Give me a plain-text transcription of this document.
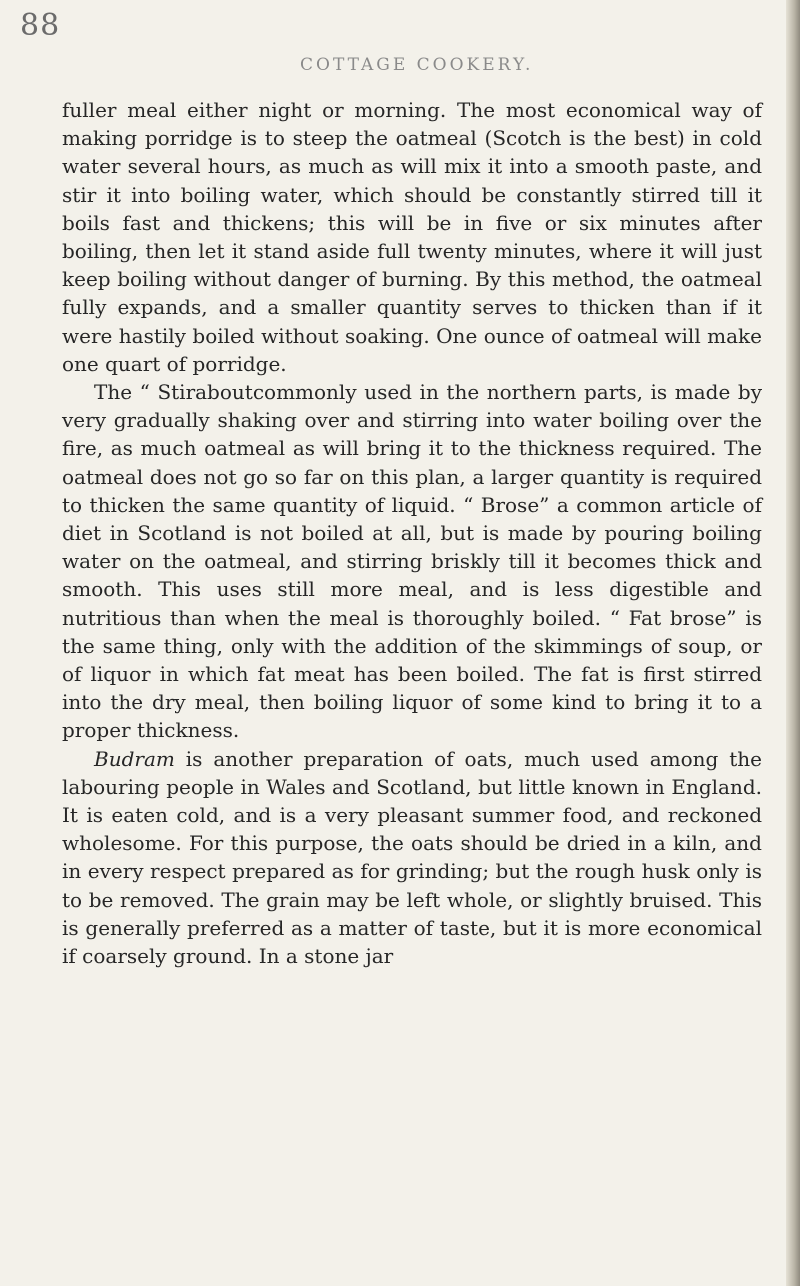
88
COTTAGE COOKERY.

fuller meal either night or morning. The most economical way of making porridge is to steep the oatmeal (Scotch is the best) in cold water several hours, as much as will mix it into a smooth paste, and stir it into boiling water, which should be constantly stirred till it boils fast and thickens; this will be in five or six minutes after boiling, then let it stand aside full twenty minutes, where it will just keep boiling without danger of burning. By this method, the oatmeal fully expands, and a smaller quantity serves to thicken than if it were hastily boiled without soaking. One ounce of oatmeal will make one quart of porridge.

The “ Stiraboutcommonly used in the northern parts, is made by very gradually shaking over and stirring into water boiling over the fire, as much oatmeal as will bring it to the thickness required. The oatmeal does not go so far on this plan, a larger quantity is required to thicken the same quantity of liquid. “ Brose” a common article of diet in Scotland is not boiled at all, but is made by pouring boiling water on the oatmeal, and stirring briskly till it becomes thick and smooth. This uses still more meal, and is less digestible and nutritious than when the meal is thoroughly boiled. “ Fat brose” is the same thing, only with the addition of the skimmings of soup, or of liquor in which fat meat has been boiled. The fat is first stirred into the dry meal, then boiling liquor of some kind to bring it to a proper thickness.

Budram is another preparation of oats, much used among the labouring people in Wales and Scotland, but little known in England. It is eaten cold, and is a very pleasant summer food, and reckoned wholesome. For this purpose, the oats should be dried in a kiln, and in every respect prepared as for grinding; but the rough husk only is to be removed. The grain may be left whole, or slightly bruised. This is generally preferred as a matter of taste, but it is more economical if coarsely ground. In a stone jar
